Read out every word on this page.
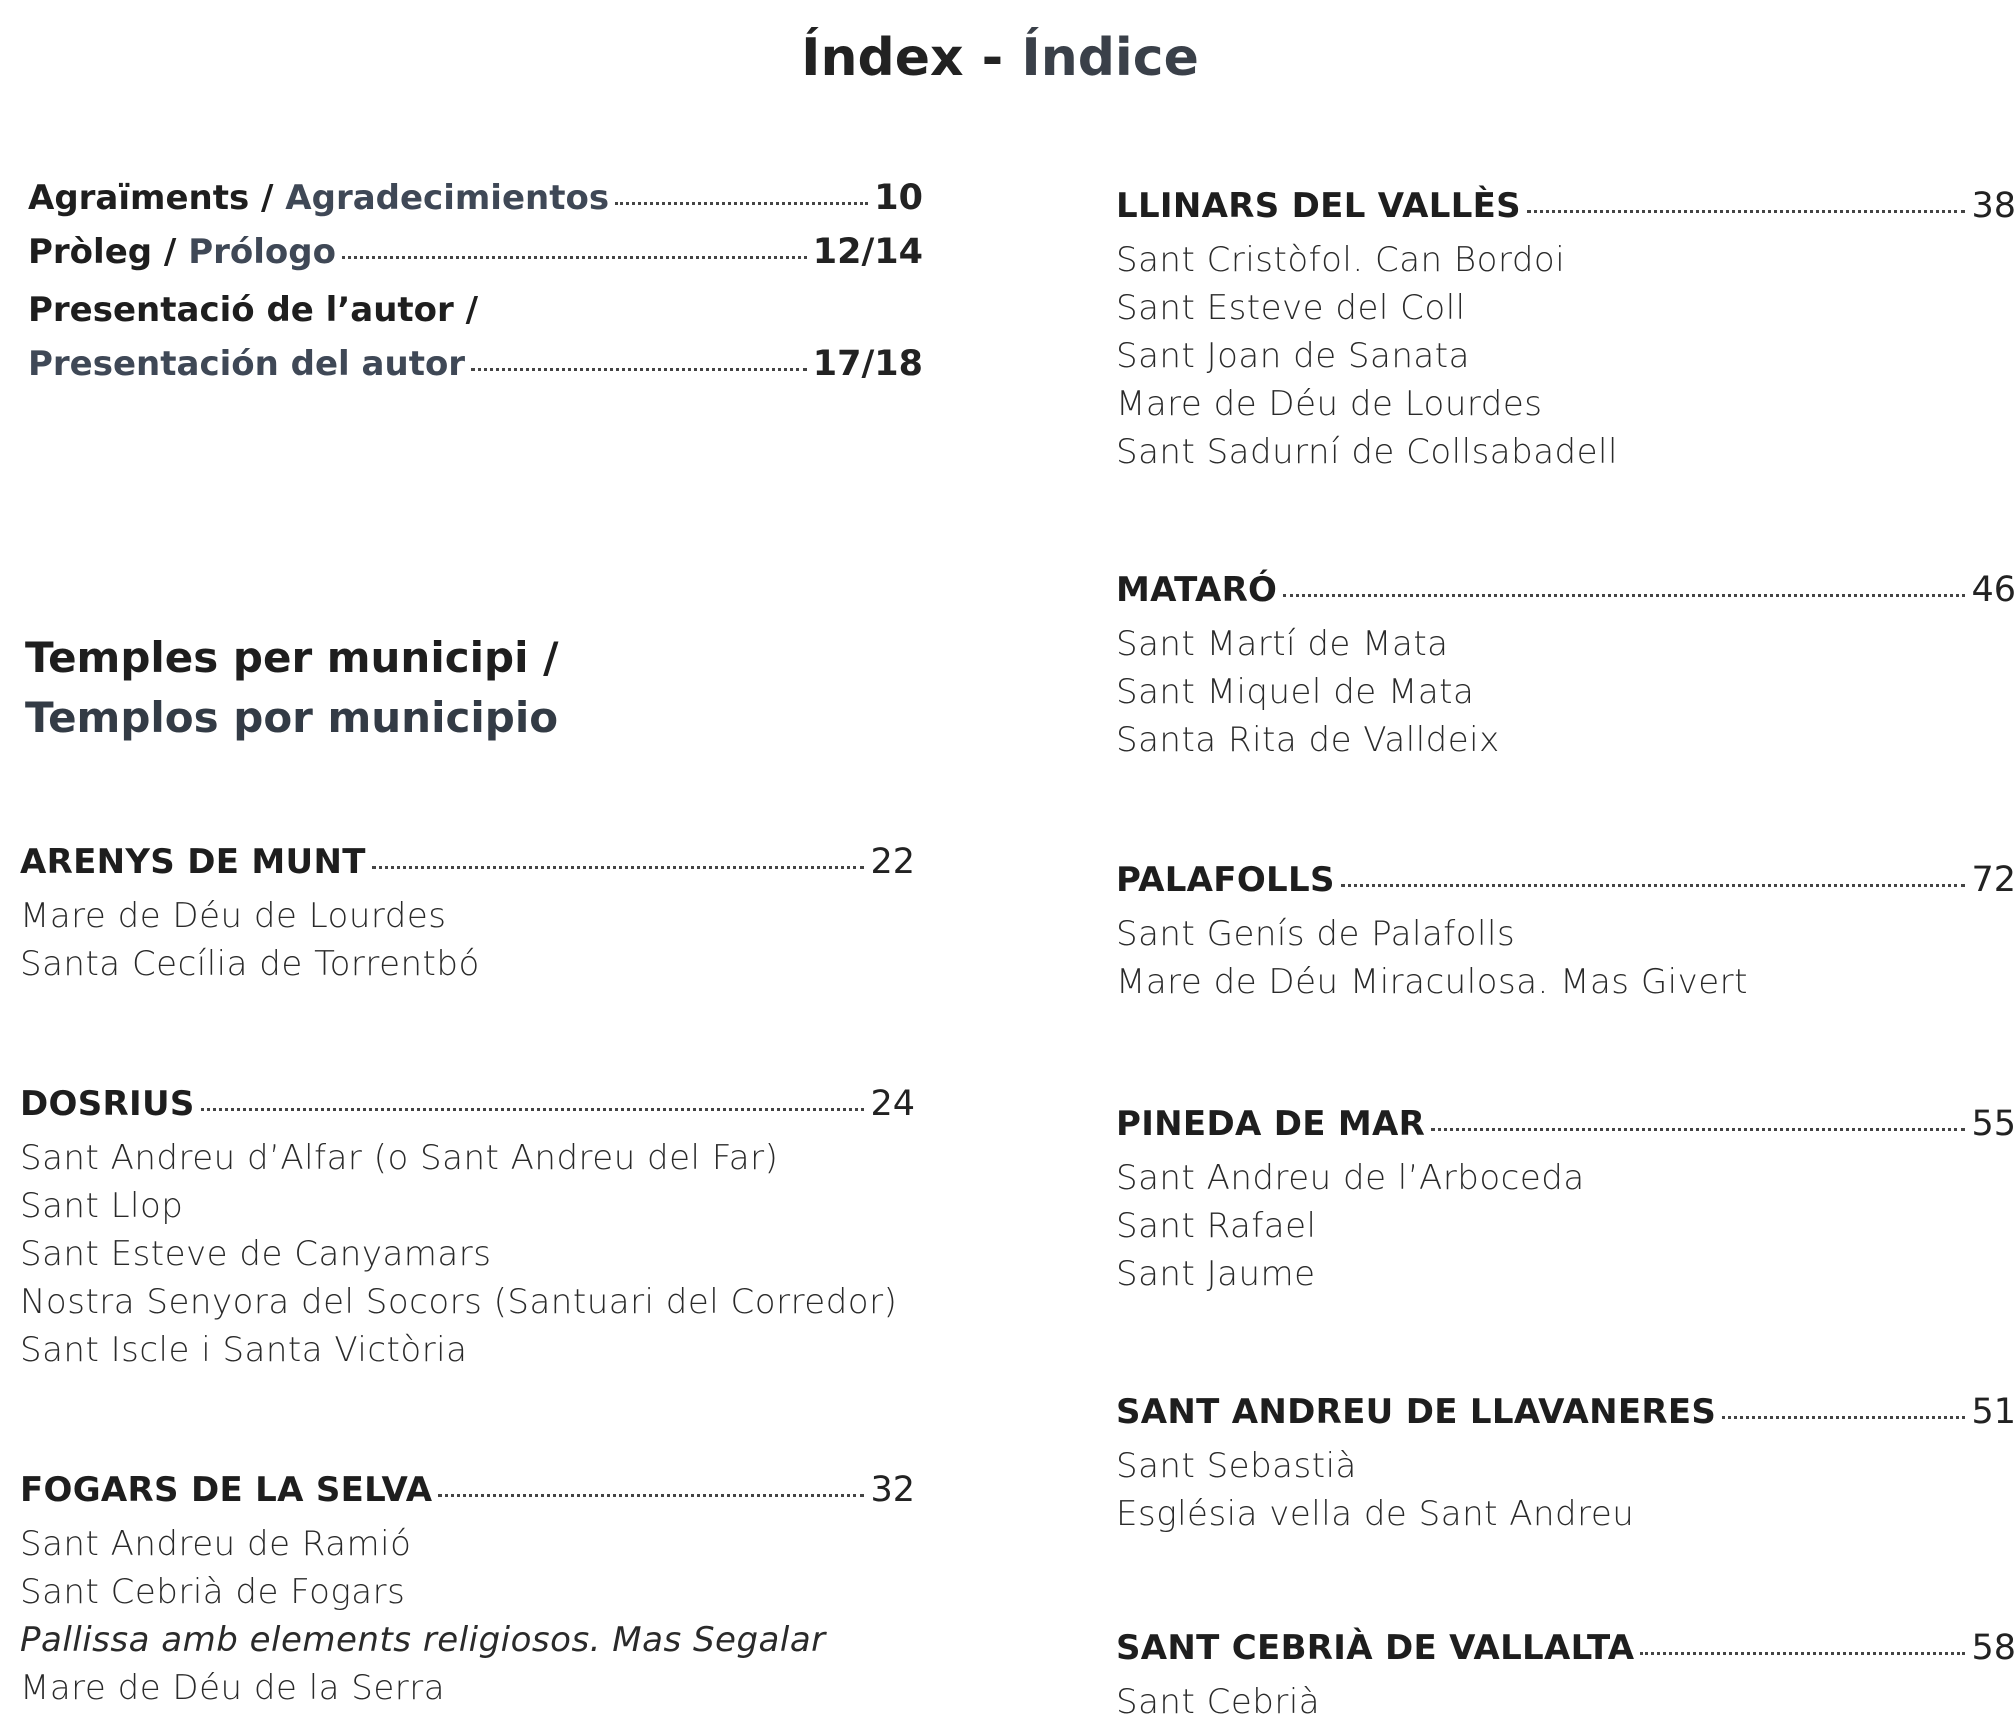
Índex - Índice
Agraïments / Agradecimientos	10
Pròleg / Prólogo	12/14
Presentació de l’autor /
Presentación del autor	17/18
Temples per municipi /
Templos por municipio
ARENYS DE MUNT	22
Mare de Déu de Lourdes
Santa Cecília de Torrentbó
DOSRIUS	24
Sant Andreu d’Alfar (o Sant Andreu del Far)
Sant Llop
Sant Esteve de Canyamars
Nostra Senyora del Socors (Santuari del Corredor)
Sant Iscle i Santa Victòria
FOGARS DE LA SELVA	32
Sant Andreu de Ramió
Sant Cebrià de Fogars
Pallissa amb elements religiosos. Mas Segalar
Mare de Déu de la Serra
LLINARS DEL VALLÈS	38
Sant Cristòfol. Can Bordoi
Sant Esteve del Coll
Sant Joan de Sanata
Mare de Déu de Lourdes
Sant Sadurní de Collsabadell
MATARÓ	46
Sant Martí de Mata
Sant Miquel de Mata
Santa Rita de Valldeix
PALAFOLLS	72
Sant Genís de Palafolls
Mare de Déu Miraculosa. Mas Givert
PINEDA DE MAR	55
Sant Andreu de l’Arboceda
Sant Rafael
Sant Jaume
SANT ANDREU DE LLAVANERES	51
Sant Sebastià
Església vella de Sant Andreu
SANT CEBRIÀ DE VALLALTA	58
Sant Cebrià
